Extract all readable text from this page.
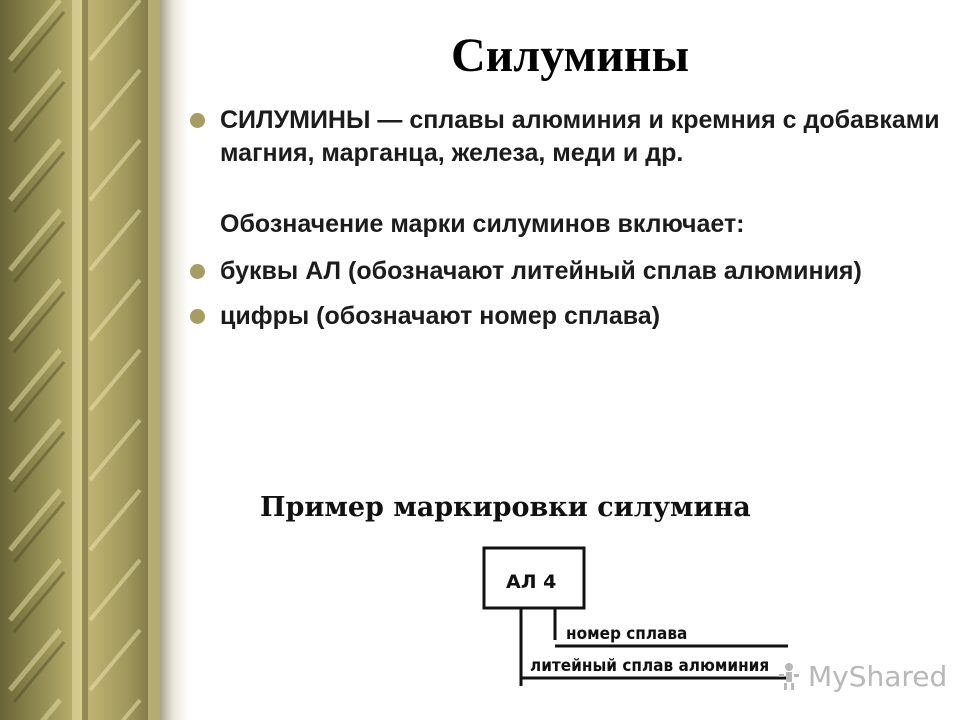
Силумины
СИЛУМИНЫ — сплавы алюминия и кремния с добавками магния, марганца, железа, меди и др.
Обозначение марки силуминов включает:
буквы АЛ (обозначают литейный сплав алюминия)
цифры (обозначают номер сплава)
Пример маркировки силумина
АЛ 4
номер сплава
литейный сплав алюминия MyShared
